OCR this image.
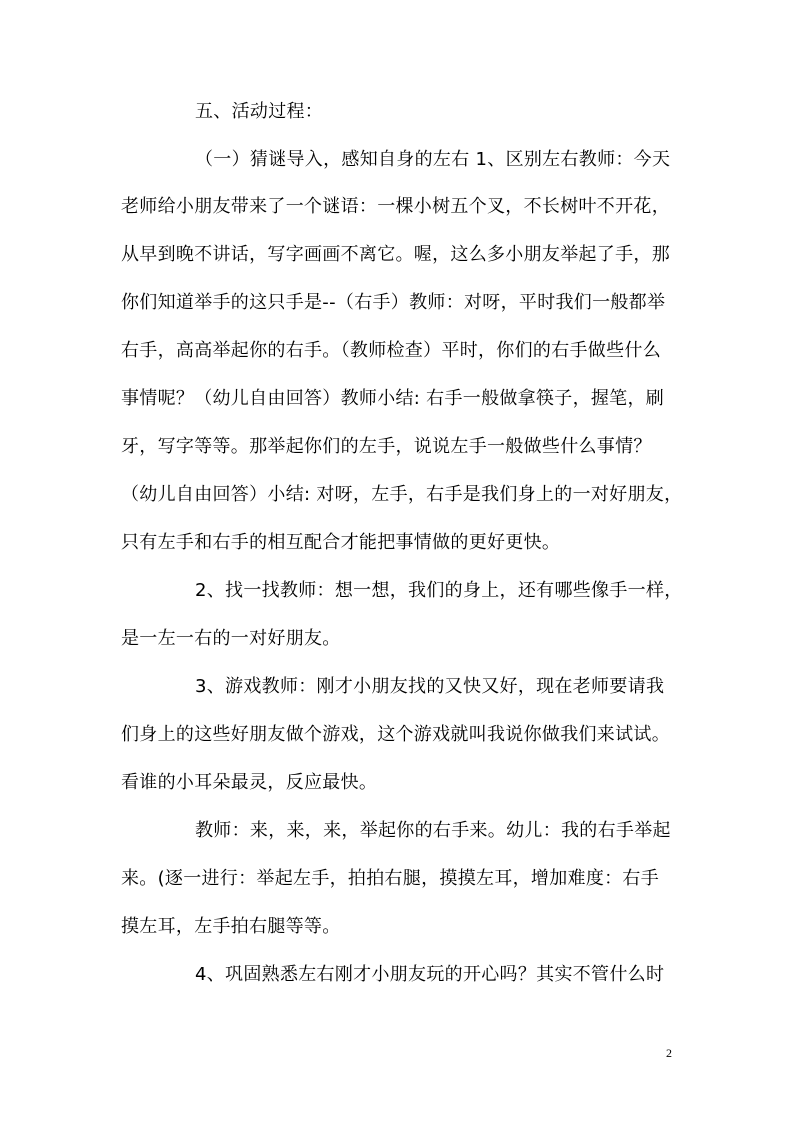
五、活动过程：
（一）猜谜导入，感知自身的左右 1、区别左右教师：今天
老师给小朋友带来了一个谜语：一棵小树五个叉，不长树叶不开花，
从早到晚不讲话，写字画画不离它。喔，这么多小朋友举起了手，那
你们知道举手的这只手是--（右手）教师：对呀，平时我们一般都举
右手，高高举起你的右手。（教师检查）平时，你们的右手做些什么
事情呢？（幼儿自由回答）教师小结: 右手一般做拿筷子，握笔，刷
牙，写字等等。那举起你们的左手，说说左手一般做些什么事情？
（幼儿自由回答）小结: 对呀，左手，右手是我们身上的一对好朋友，
只有左手和右手的相互配合才能把事情做的更好更快。
2、找一找教师：想一想，我们的身上，还有哪些像手一样，
是一左一右的一对好朋友。
3、游戏教师：刚才小朋友找的又快又好，现在老师要请我
们身上的这些好朋友做个游戏，这个游戏就叫我说你做我们来试试。
看谁的小耳朵最灵，反应最快。
教师：来，来，来，举起你的右手来。幼儿：我的右手举起
来。(逐一进行：举起左手，拍拍右腿，摸摸左耳，增加难度：右手
摸左耳，左手拍右腿等等。
4、巩固熟悉左右刚才小朋友玩的开心吗？其实不管什么时
2
